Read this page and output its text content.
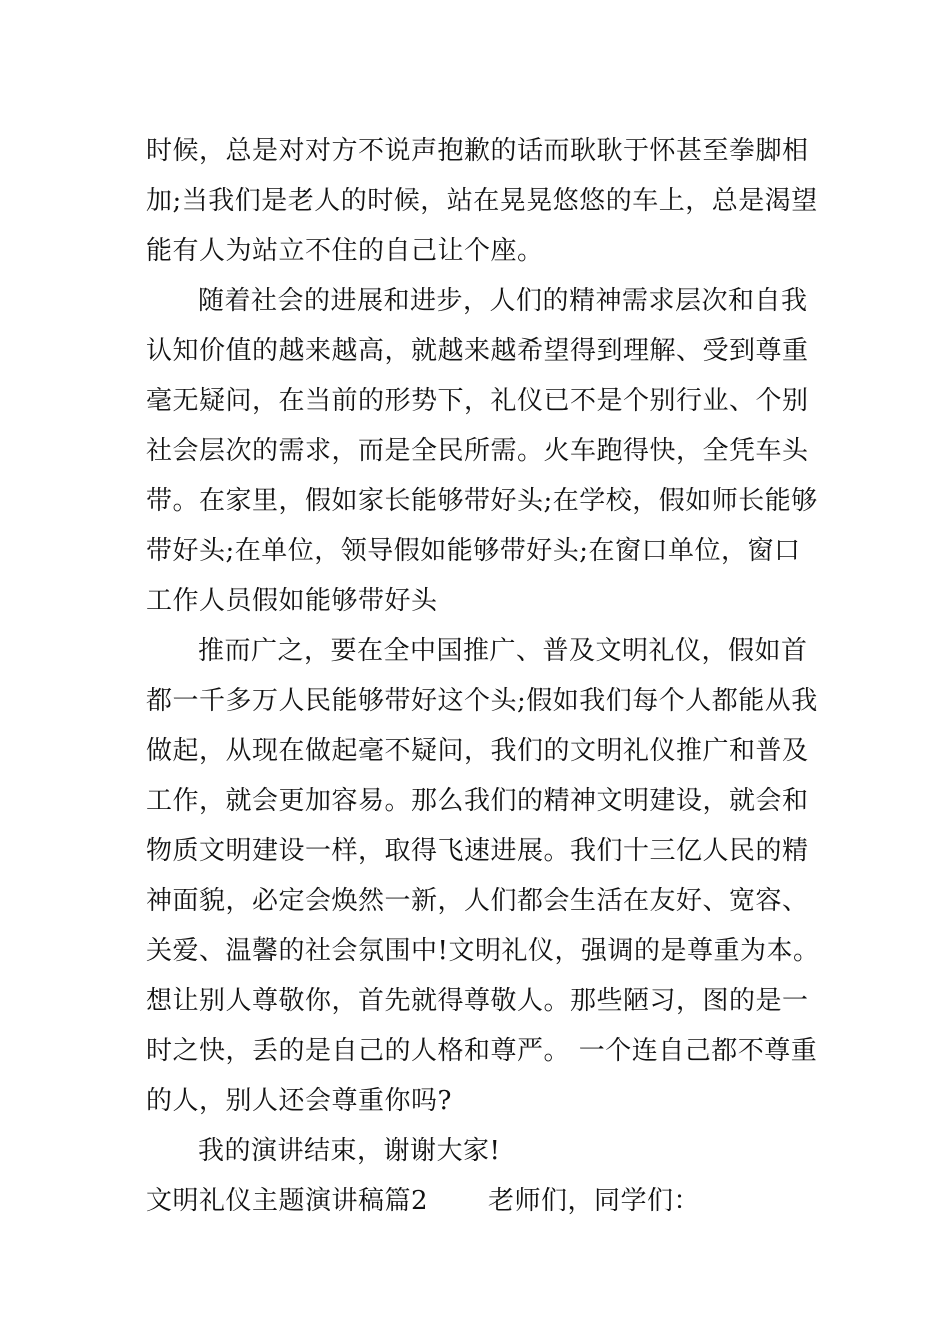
时候，总是对对方不说声抱歉的话而耿耿于怀甚至拳脚相
加;当我们是老人的时候，站在晃晃悠悠的车上，总是渴望
能有人为站立不住的自己让个座。
随着社会的进展和进步，人们的精神需求层次和自我
认知价值的越来越高，就越来越希望得到理解、受到尊重
毫无疑问，在当前的形势下，礼仪已不是个别行业、个别
社会层次的需求，而是全民所需。火车跑得快，全凭车头
带。在家里，假如家长能够带好头;在学校，假如师长能够
带好头;在单位，领导假如能够带好头;在窗口单位，窗口
工作人员假如能够带好头
推而广之，要在全中国推广、普及文明礼仪，假如首
都一千多万人民能够带好这个头;假如我们每个人都能从我
做起，从现在做起毫不疑问，我们的文明礼仪推广和普及
工作，就会更加容易。那么我们的精神文明建设，就会和
物质文明建设一样，取得飞速进展。我们十三亿人民的精
神面貌，必定会焕然一新，人们都会生活在友好、宽容、
关爱、温馨的社会氛围中!文明礼仪，强调的是尊重为本。
想让别人尊敬你，首先就得尊敬人。那些陋习，图的是一
时之快，丢的是自己的人格和尊严。 一个连自己都不尊重
的人，别人还会尊重你吗?
我的演讲结束，谢谢大家!
文明礼仪主题演讲稿篇2 老师们，同学们：
